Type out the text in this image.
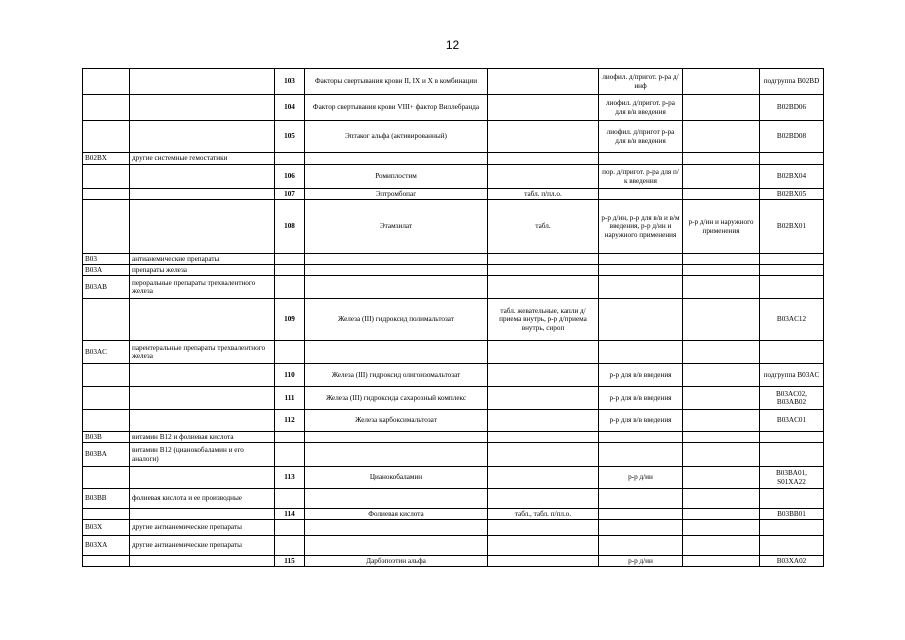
12
		103	Факторы свертывания крови II, IX и X в комбинации		лиофил. д/пригот. р-ра д/инф		подгруппа B02BD
		104	Фактор свертывания крови VIII+ фактор Виллебранда		лиофил. д/пригот. р-ра для в/в введения		B02BD06
		105	Эптаког альфа (активированный)		лиофил. д/пригот р-ра для в/в введения		B02BD08
B02BX	другие системные гемостатики						
		106	Ромиплостим		пор. д/пригот. р-ра для п/к введения		B02BX04
		107	Элтромбопаг	табл. п/пл.о.			B02BX05
		108	Этамзилат	табл.	р-р д/ин, р-р для в/в и в/м введения, р-р д/ин и наружного применения	р-р д/ин и наружного применения	B02BX01
B03	антианемические препараты						
B03A	препараты железа						
B03AB	пероральные препараты трехвалентного железа						
		109	Железа (III) гидроксид полимальтозат	табл. жевательные, капли д/приема внутрь, р-р д/приема внутрь, сироп			B03AC12
B03AC	парентеральные препараты трехвалентного железа						
		110	Железа (III) гидроксид олигоизомальтозат		р-р для в/в введения		подгруппа B03AC
		111	Железа (III) гидроксида сахарозный комплекс		р-р для в/в введения		B03AC02, B03AB02
		112	Железа карбоксимальтозат		р-р для в/в введения		B03AC01
B03B	витамин B12 и фолиевая кислота						
B03BA	витамин B12 (цианокобаламин и его аналоги)						
		113	Цианокобаламин		р-р д/ин		B03BA01, S01XA22
B03BB	фолиевая кислота и ее производные						
		114	Фолиевая кислота	табл., табл. п/пл.о.			B03BB01
B03X	другие антианемические препараты						
B03XA	другие антианемические препараты						
		115	Дарбэпоэтин альфа		р-р д/ин		B03XA02
